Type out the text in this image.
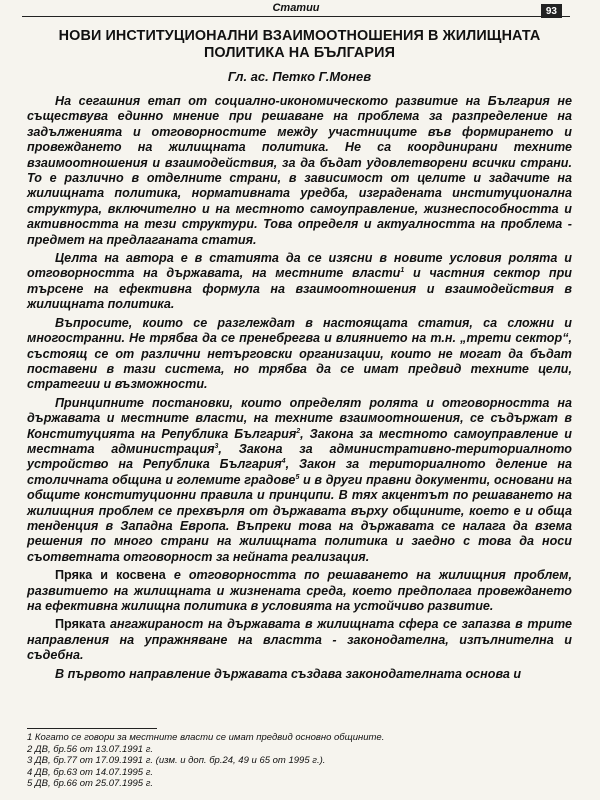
Статии	93
НОВИ ИНСТИТУЦИОНАЛНИ ВЗАИМООТНОШЕНИЯ В ЖИЛИЩНАТА ПОЛИТИКА НА БЪЛГАРИЯ
Гл. ас. Петко Г.Монев

На сегашния етап от социално-икономическото развитие на България не съществува единно мнение при решаване на проблема за разпределение на задълженията и отговорностите между участниците във формирането и провеждането на жилищната политика. Не са координирани техните взаимоотношения и взаимодействия, за да бъдат удовлетворени всички страни. То е различно в отделните страни, в зависимост от целите и задачите на жилищната политика, нормативната уредба, изградената институционална структура, включително и на местното самоуправление, жизнеспособността и активността на тези структури. Това определя и актуалността на проблема - предмет на предлаганата статия.

Целта на автора е в статията да се изясни в новите условия ролята и отговорността на държавата, на местните власти$^1$ и частния сектор при търсене на ефективна формула на взаимоотношения и взаимодействия в жилищната политика.

Въпросите, които се разглеждат в настоящата статия, са сложни и многостранни. Не трябва да се пренебрегва и влиянието на т.н. „трети сектор“, състоящ се от различни нетърговски организации, които не могат да бъдат поставени в тази система, но трябва да се имат предвид техните цели, стратегии и възможности.

Принципните постановки, които определят ролята и отговорността на държавата и местните власти, на техните взаимоотношения, се съдържат в Конституцията на Република България$^2$, Закона за местното самоуправление и местната администрация$^3$, Закона за административно-териториалното устройство на Република България$^4$, Закон за териториалното деление на столичната община и големите градове$^5$ и в други правни документи, основани на общите конституционни правила и принципи. В тях акцентът по решаването на жилищния проблем се прехвърля от държавата върху общините, което е и обща тенденция в Западна Европа. Въпреки това на държавата се налага да взема решения по много страни на жилищната политика и заедно с това да носи съответната отговорност за нейната реализация.

Пряка и косвена е отговорността по решаването на жилищния проблем, развитието на жилищната и жизнената среда, което предполага провеждането на ефективна жилищна политика в условията на устойчиво развитие.

Пряката ангажираност на държавата в жилищната сфера се запазва в трите направления на упражняване на властта - законодателна, изпълнителна и съдебна.

В първото направление държавата създава законодателната основа и

1 Когато се говори за местните власти се имат предвид основно общините.
2 ДВ, бр.56 от 13.07.1991 г.
3 ДВ, бр.77 от 17.09.1991 г. (изм. и доп. бр.24, 49 и 65 от 1995 г.).
4 ДВ, бр.63 от 14.07.1995 г.
5 ДВ, бр.66 от 25.07.1995 г.
